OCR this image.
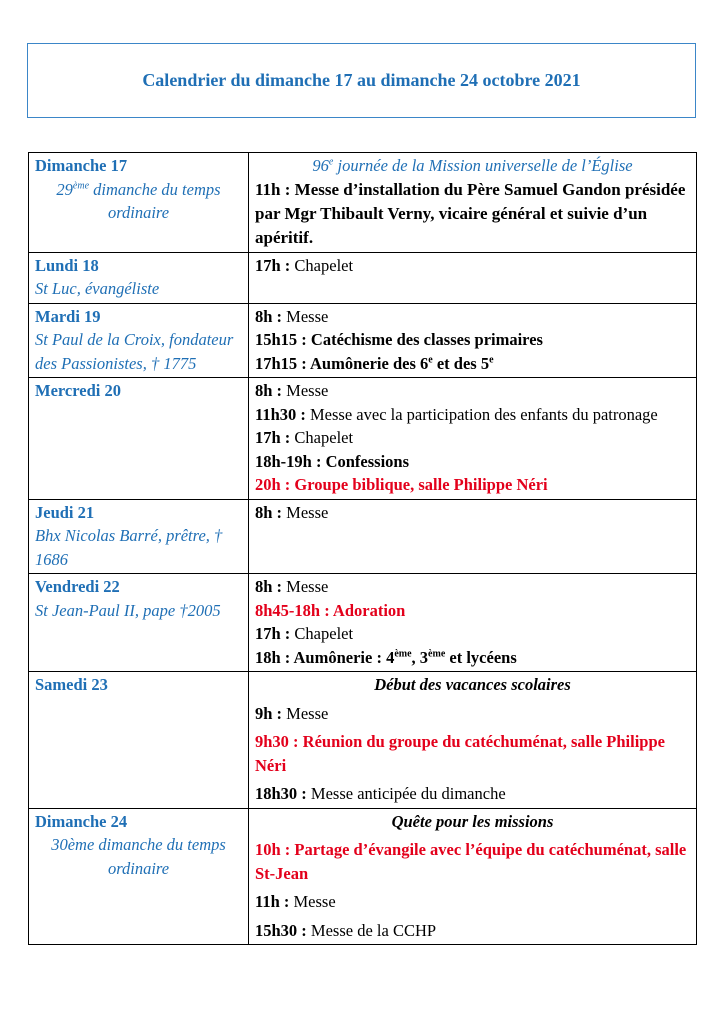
Calendrier du dimanche 17 au dimanche 24 octobre 2021
Dimanche 17
29ème dimanche du temps ordinaire	96e journée de la Mission universelle de l’Église
11h : Messe d’installation du Père Samuel Gandon présidée par Mgr Thibault Verny, vicaire général et suivie d’un apéritif.

Lundi 18
St Luc, évangéliste	17h : Chapelet

Mardi 19
St Paul de la Croix, fondateur des Passionistes, † 1775	8h : Messe
15h15 : Catéchisme des classes primaires
17h15 : Aumônerie des 6e et des 5e

Mercredi 20	8h : Messe
11h30 : Messe avec la participation des enfants du patronage
17h : Chapelet
18h-19h : Confessions
20h : Groupe biblique, salle Philippe Néri

Jeudi 21
Bhx Nicolas Barré, prêtre, † 1686	8h : Messe

Vendredi 22
St Jean-Paul II, pape †2005	8h : Messe
8h45-18h : Adoration
17h : Chapelet
18h : Aumônerie : 4ème, 3ème et lycéens

Samedi 23	Début des vacances scolaires
9h : Messe
9h30 : Réunion du groupe du catéchuménat, salle Philippe Néri
18h30 : Messe anticipée du dimanche

Dimanche 24
30ème dimanche du temps ordinaire	Quête pour les missions
10h : Partage d’évangile avec l’équipe du catéchuménat, salle St-Jean
11h : Messe
15h30 : Messe de la CCHP
